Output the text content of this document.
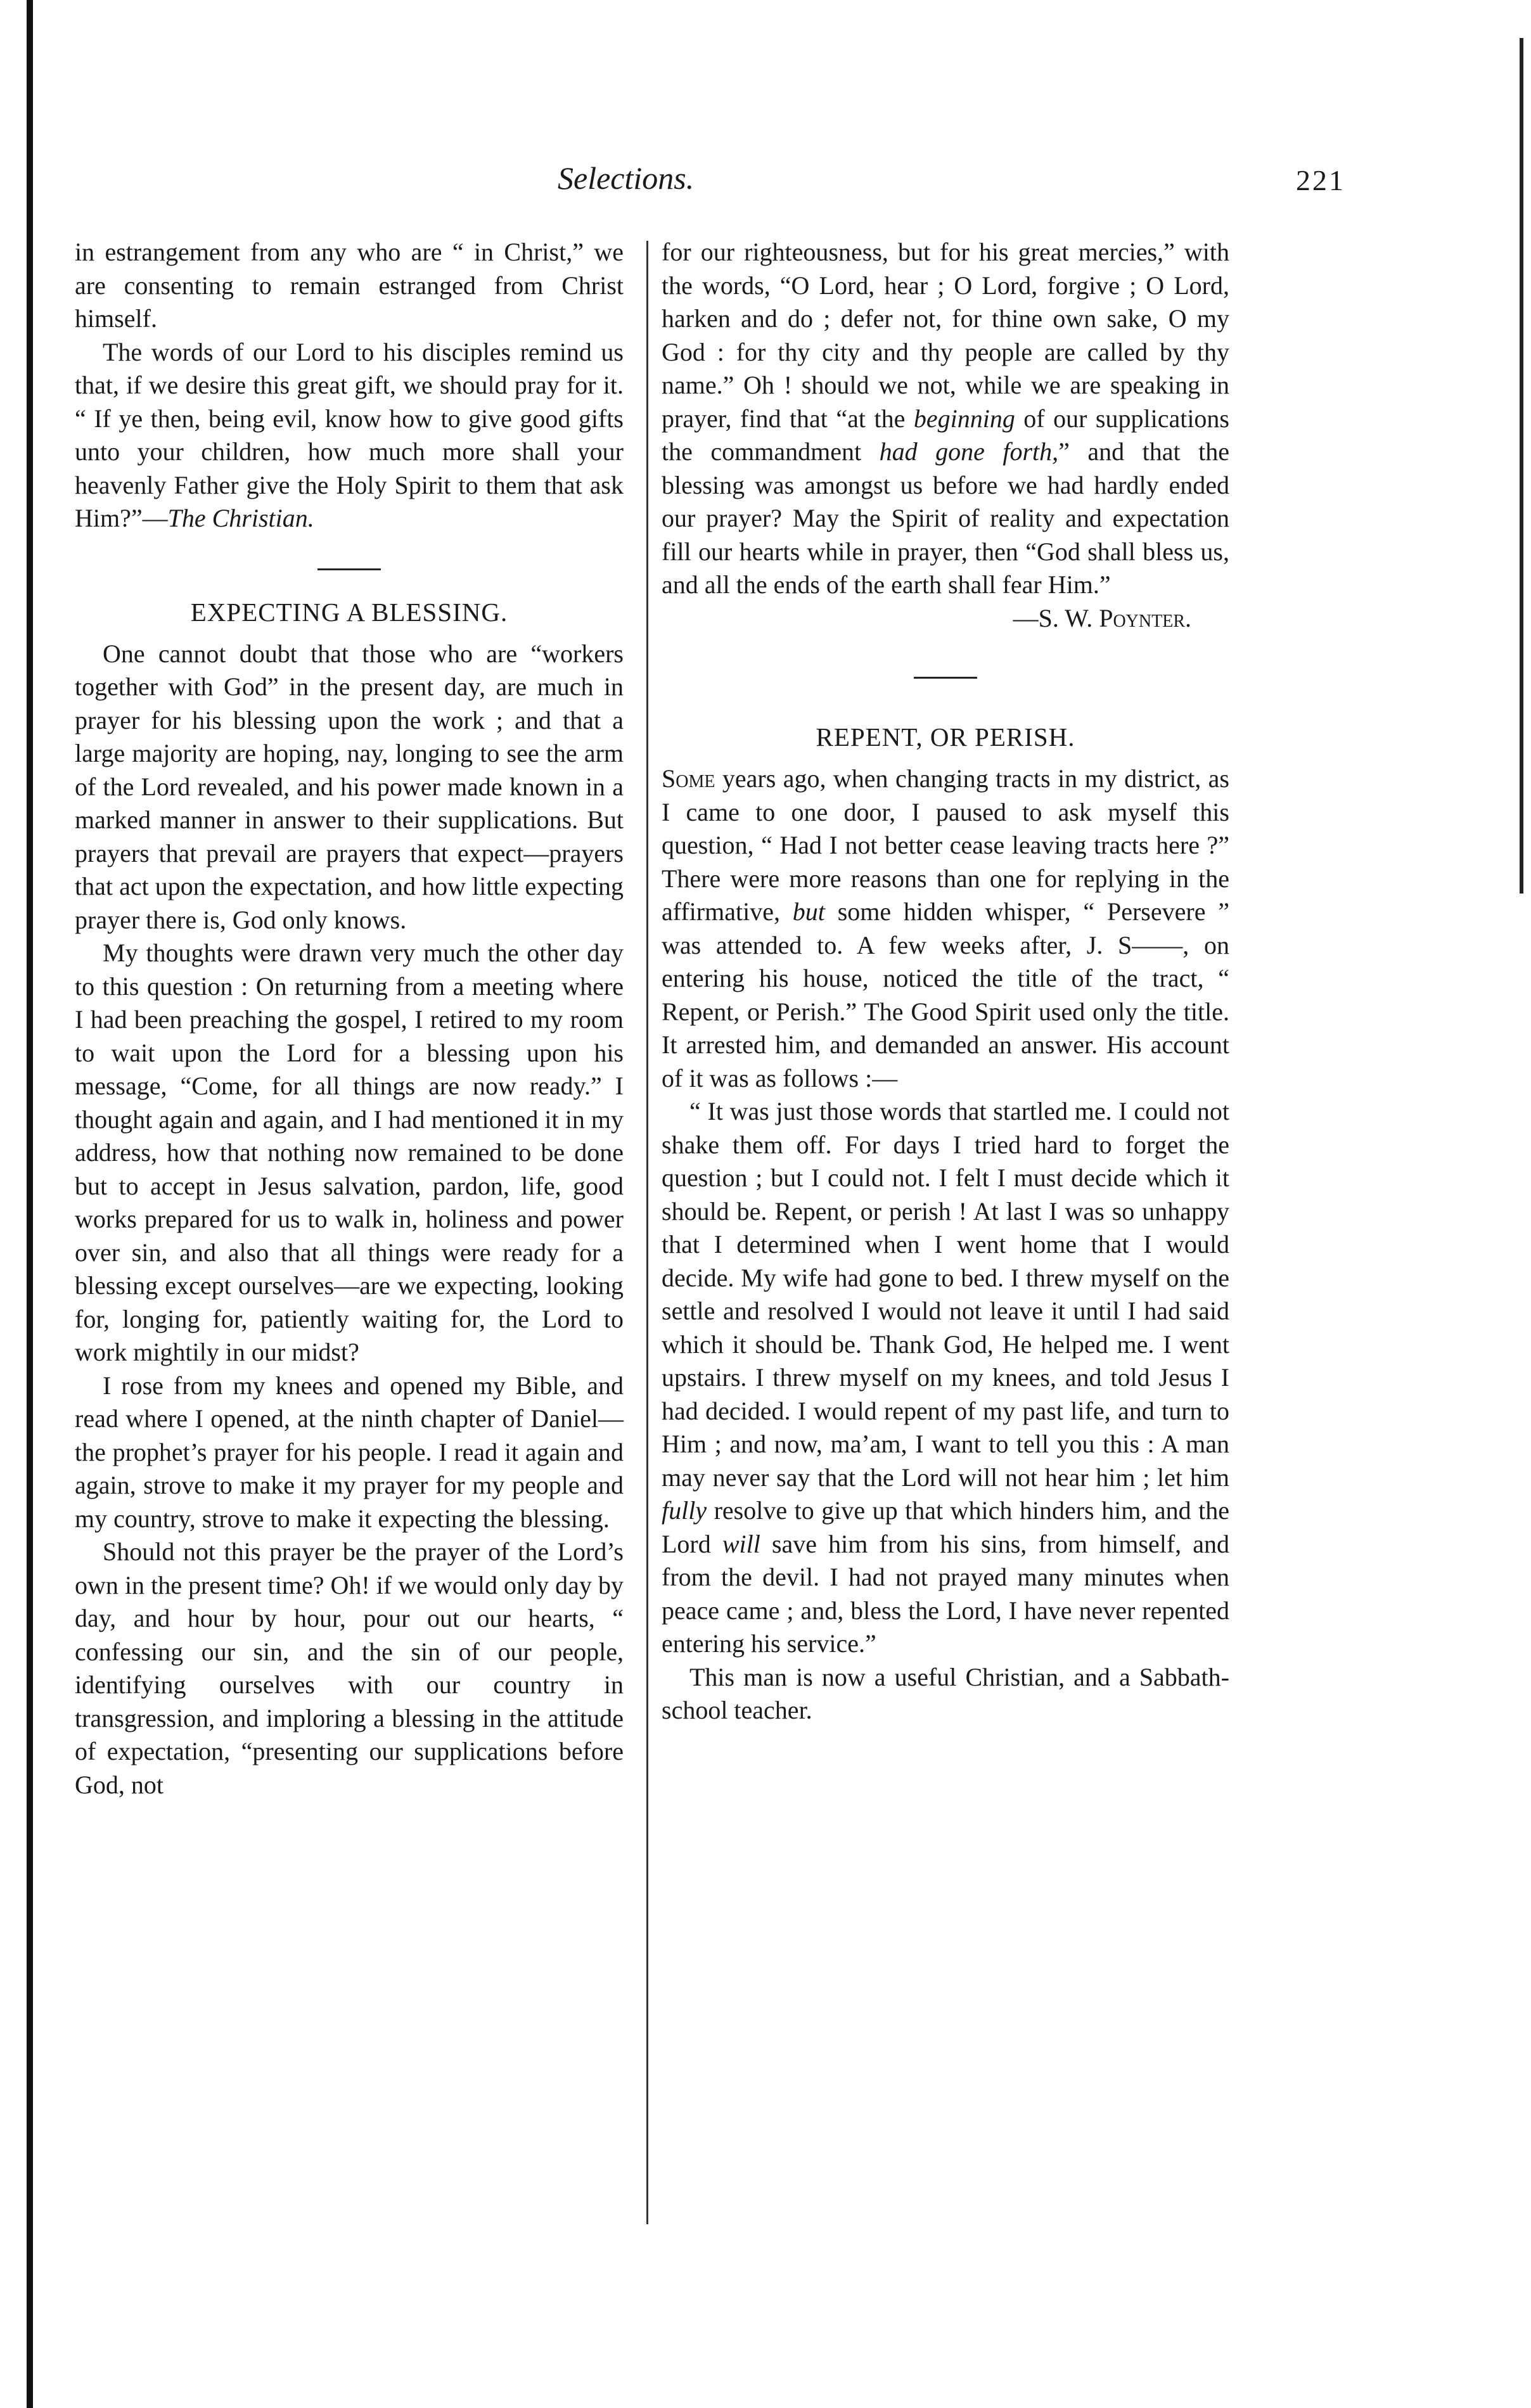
Selections.	221

in estrangement from any who are “ in Christ,” we are consenting to remain estranged from Christ himself.

The words of our Lord to his disciples remind us that, if we desire this great gift, we should pray for it. “ If ye then, being evil, know how to give good gifts unto your children, how much more shall your heavenly Father give the Holy Spirit to them that ask Him?”—The Christian.

EXPECTING A BLESSING.

One cannot doubt that those who are “workers together with God” in the present day, are much in prayer for his blessing upon the work ; and that a large majority are hoping, nay, longing to see the arm of the Lord revealed, and his power made known in a marked manner in answer to their supplications. But prayers that prevail are prayers that expect—prayers that act upon the expectation, and how little expecting prayer there is, God only knows.

My thoughts were drawn very much the other day to this question : On returning from a meeting where I had been preaching the gospel, I retired to my room to wait upon the Lord for a blessing upon his message, “Come, for all things are now ready.” I thought again and again, and I had mentioned it in my address, how that nothing now remained to be done but to accept in Jesus salvation, pardon, life, good works prepared for us to walk in, holiness and power over sin, and also that all things were ready for a blessing except ourselves—are we expecting, looking for, longing for, patiently waiting for, the Lord to work mightily in our midst?

I rose from my knees and opened my Bible, and read where I opened, at the ninth chapter of Daniel—the prophet’s prayer for his people. I read it again and again, strove to make it my prayer for my people and my country, strove to make it expecting the blessing.

Should not this prayer be the prayer of the Lord’s own in the present time? Oh! if we would only day by day, and hour by hour, pour out our hearts, “ confessing our sin, and the sin of our people, identifying ourselves with our country in transgression, and imploring a blessing in the attitude of expectation, “presenting our supplications before God, not

for our righteousness, but for his great mercies,” with the words, “O Lord, hear ; O Lord, forgive ; O Lord, harken and do ; defer not, for thine own sake, O my God : for thy city and thy people are called by thy name.” Oh ! should we not, while we are speaking in prayer, find that “at the beginning of our supplications the commandment had gone forth,” and that the blessing was amongst us before we had hardly ended our prayer? May the Spirit of reality and expectation fill our hearts while in prayer, then “God shall bless us, and all the ends of the earth shall fear Him.”

—S. W. Poynter.

REPENT, OR PERISH.

Some years ago, when changing tracts in my district, as I came to one door, I paused to ask myself this question, “ Had I not better cease leaving tracts here ?” There were more reasons than one for replying in the affirmative, but some hidden whisper, “ Persevere ” was attended to. A few weeks after, J. S——, on entering his house, noticed the title of the tract, “ Repent, or Perish.” The Good Spirit used only the title. It arrested him, and demanded an answer. His account of it was as follows :—

“ It was just those words that startled me. I could not shake them off. For days I tried hard to forget the question ; but I could not. I felt I must decide which it should be. Repent, or perish ! At last I was so unhappy that I determined when I went home that I would decide. My wife had gone to bed. I threw myself on the settle and resolved I would not leave it until I had said which it should be. Thank God, He helped me. I went upstairs. I threw myself on my knees, and told Jesus I had decided. I would repent of my past life, and turn to Him ; and now, ma’am, I want to tell you this : A man may never say that the Lord will not hear him ; let him fully resolve to give up that which hinders him, and the Lord will save him from his sins, from himself, and from the devil. I had not prayed many minutes when peace came ; and, bless the Lord, I have never repented entering his service.”

This man is now a useful Christian, and a Sabbath-school teacher.
